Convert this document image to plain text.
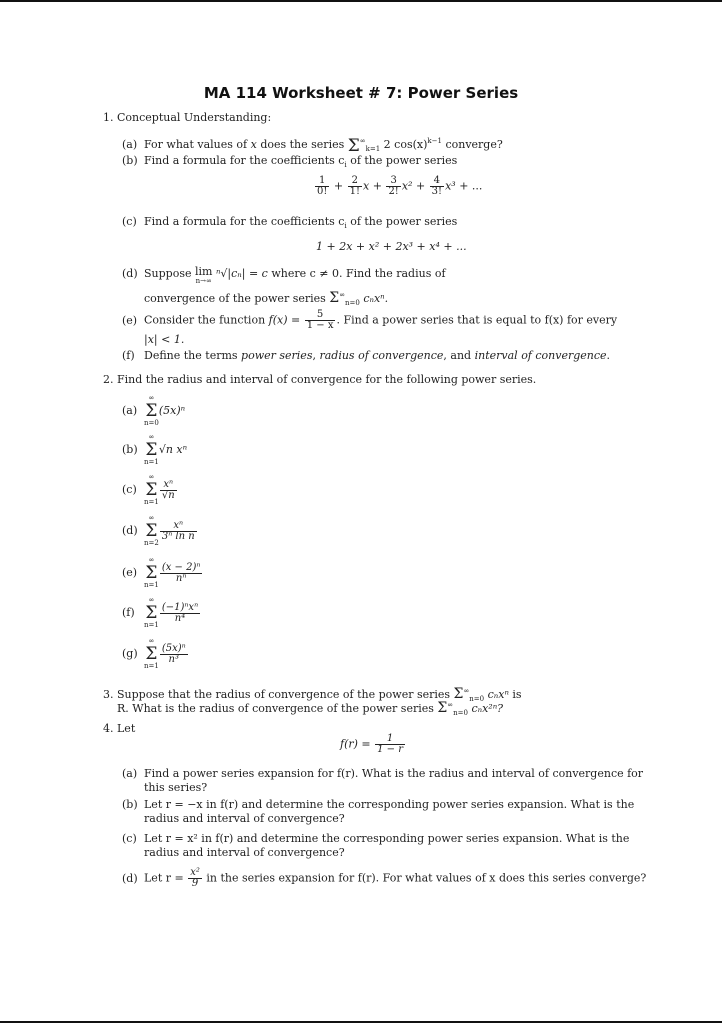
MA 114 Worksheet # 7: Power Series
1. Conceptual Understanding:
(a) For what values of x does the series Σ ∞$_{k=1}$ 2 $\cos(x)^{k-1}$ converge?
(b) Find a formula for the coefficients $c_i$ of the power series
$\frac{1}{0!} + \frac{2}{1!}$ $x + \frac{3}{2!} x^2 + \frac{4}{3!} x^3$ + ...
(c) Find a formula for the coefficients $c_i$ of the power series
1 + 2x + x² + 2x³ + x⁴ + ...
(d) Suppose lim
n→∞
ⁿ√|cₙ| = c where c ≠ 0. Find the radius of
convergence of the power series $\Sigma^\infty_{n=0}$ cₙxⁿ.
(e) Consider the function $f(x) = \frac{5}{1 - x}$ . Find a power series that is equal to f(x) for every
|x| < 1.
(f) Define the terms power series, radius of convergence, and interval of convergence.
2. Find the radius and interval of convergence for the following power series.
(a)
∞
Σ
n=0
(5x)ⁿ
(b)
∞
Σ
n=1
√n xⁿ
(c)
∞
Σ
n=1
$\frac{\text{xⁿ}}{√n}$
(d)
∞
Σ
n=2
$\frac{\text{xⁿ}}{\text{3ⁿ ln n}}$
(e)
∞
Σ
n=1
$\frac{\text{(x − 2)ⁿ}}{\text{nⁿ}}$
(f)
∞
Σ
n=1
$\frac{\text{(−1)ⁿxⁿ}}{\text{n⁴}}$
(g)
∞
Σ
n=1
$\frac{\text{(5x)ⁿ}}{\text{n³}}$
3. Suppose that the radius of convergence of the power series $\Sigma^\infty_{n=0}$ cₙxⁿ is
R. What is the radius of convergence of the power series $\Sigma^\infty_{n=0}$ cₙx²ⁿ?
4. Let
$f(r) = \frac{1}{1 - r}$
(a) Find a power series expansion for f(r). What is the radius and interval of convergence for
this series?
(b) Let r = −x in f(r) and determine the corresponding power series expansion. What is the
radius and interval of convergence?
(c) Let r = x² in f(r) and determine the corresponding power series expansion. What is the
radius and interval of convergence?
(d) Let $r = \frac{\text{x²}}{9}$ in the series expansion for f(r). For what values of x does this series converge?
